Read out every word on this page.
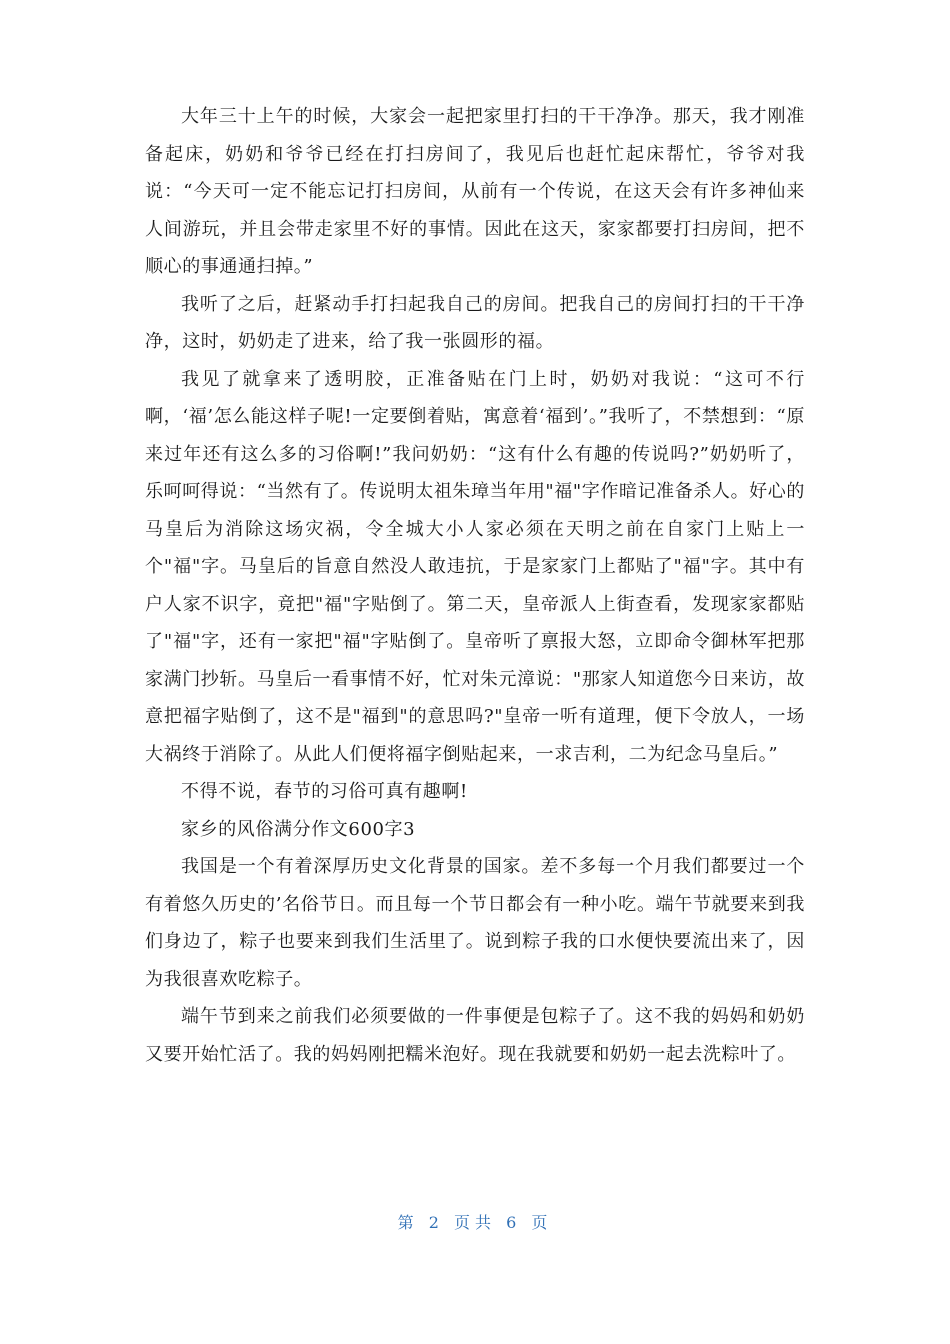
大年三十上午的时候，大家会一起把家里打扫的干干净净。那天，我才刚准备起床，奶奶和爷爷已经在打扫房间了，我见后也赶忙起床帮忙，爷爷对我说：“今天可一定不能忘记打扫房间，从前有一个传说，在这天会有许多神仙来人间游玩，并且会带走家里不好的事情。因此在这天，家家都要打扫房间，把不顺心的事通通扫掉。”

我听了之后，赶紧动手打扫起我自己的房间。把我自己的房间打扫的干干净净，这时，奶奶走了进来，给了我一张圆形的福。

我见了就拿来了透明胶，正准备贴在门上时，奶奶对我说：“这可不行啊，‘福’怎么能这样子呢!一定要倒着贴，寓意着‘福到’。”我听了，不禁想到：“原来过年还有这么多的习俗啊!”我问奶奶：“这有什么有趣的传说吗?”奶奶听了，乐呵呵得说：“当然有了。传说明太祖朱璋当年用"福"字作暗记准备杀人。好心的马皇后为消除这场灾祸，令全城大小人家必须在天明之前在自家门上贴上一个"福"字。马皇后的旨意自然没人敢违抗，于是家家门上都贴了"福"字。其中有户人家不识字，竟把"福"字贴倒了。第二天，皇帝派人上街查看，发现家家都贴了"福"字，还有一家把"福"字贴倒了。皇帝听了禀报大怒，立即命令御林军把那家满门抄斩。马皇后一看事情不好，忙对朱元漳说："那家人知道您今日来访，故意把福字贴倒了，这不是"福到"的意思吗?"皇帝一听有道理，便下令放人，一场大祸终于消除了。从此人们便将福字倒贴起来，一求吉利，二为纪念马皇后。”

不得不说，春节的习俗可真有趣啊!

家乡的风俗满分作文600字3

我国是一个有着深厚历史文化背景的国家。差不多每一个月我们都要过一个有着悠久历史的’名俗节日。而且每一个节日都会有一种小吃。端午节就要来到我们身边了，粽子也要来到我们生活里了。说到粽子我的口水便快要流出来了，因为我很喜欢吃粽子。

端午节到来之前我们必须要做的一件事便是包粽子了。这不我的妈妈和奶奶又要开始忙活了。我的妈妈刚把糯米泡好。现在我就要和奶奶一起去洗粽叶了。

第 2 页共 6 页
